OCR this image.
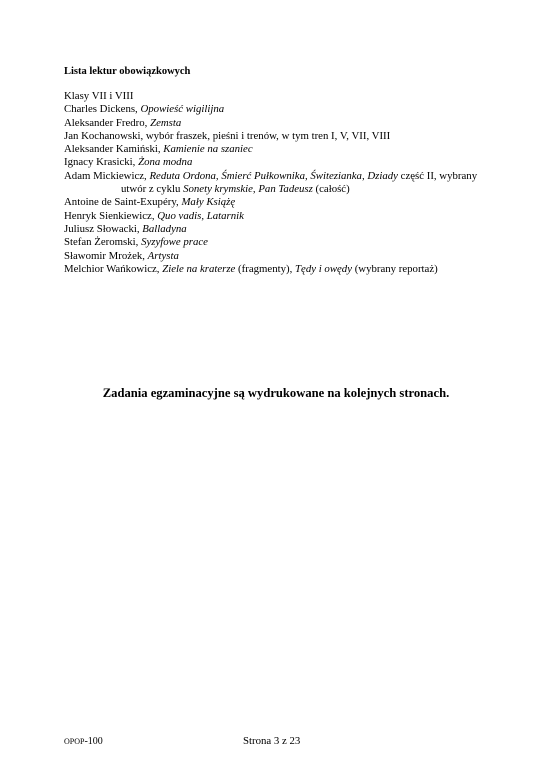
Lista lektur obowiązkowych
Klasy VII i VIII
Charles Dickens, Opowieść wigilijna
Aleksander Fredro, Zemsta
Jan Kochanowski, wybór fraszek, pieśni i trenów, w tym tren I, V, VII, VIII
Aleksander Kamiński, Kamienie na szaniec
Ignacy Krasicki, Żona modna
Adam Mickiewicz, Reduta Ordona, Śmierć Pułkownika, Świtezianka, Dziady część II, wybrany
utwór z cyklu Sonety krymskie, Pan Tadeusz (całość)
Antoine de Saint-Exupéry, Mały Książę
Henryk Sienkiewicz, Quo vadis, Latarnik
Juliusz Słowacki, Balladyna
Stefan Żeromski, Syzyfowe prace
Sławomir Mrożek, Artysta
Melchior Wańkowicz, Ziele na kraterze (fragmenty), Tędy i owędy (wybrany reportaż)
Zadania egzaminacyjne są wydrukowane na kolejnych stronach.
OPOP-100	Strona 3 z 23
